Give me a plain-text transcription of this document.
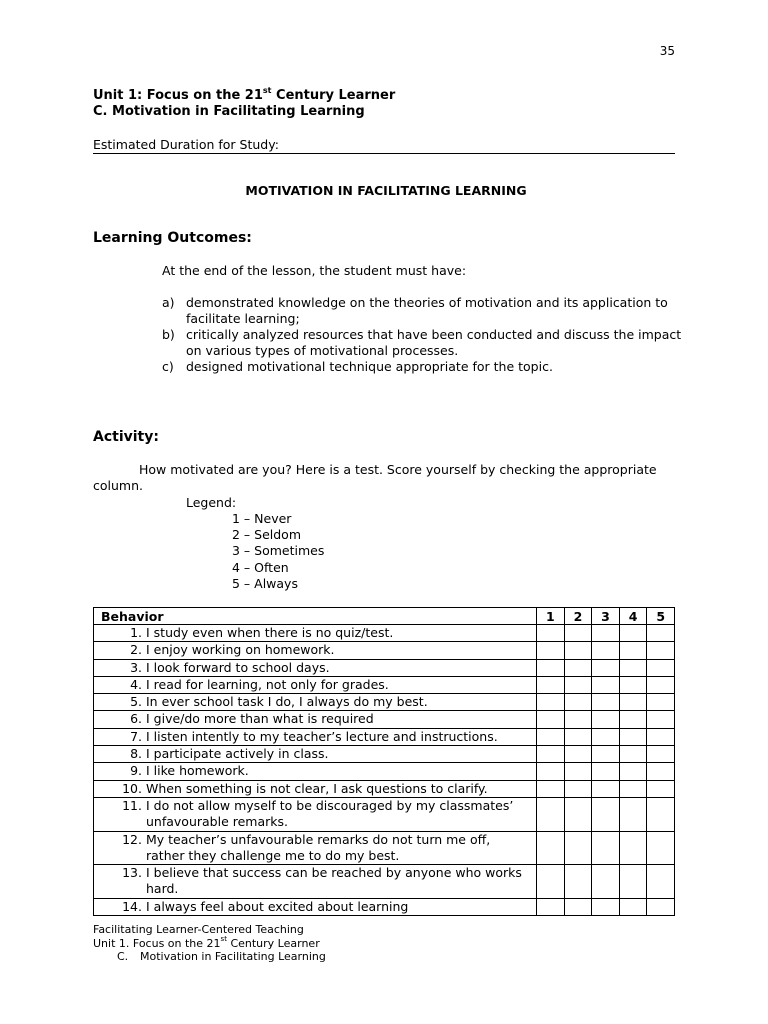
35
Unit 1: Focus on the 21st Century Learner
C. Motivation in Facilitating Learning
Estimated Duration for Study:
MOTIVATION IN FACILITATING LEARNING
Learning Outcomes:
At the end of the lesson, the student must have:
a) demonstrated knowledge on the theories of motivation and its application to facilitate learning;
b) critically analyzed resources that have been conducted and discuss the impact on various types of motivational processes.
c) designed motivational technique appropriate for the topic.
Activity:
How motivated are you? Here is a test. Score yourself by checking the appropriate column.
Legend:
1 – Never
2 – Seldom
3 – Sometimes
4 – Often
5 – Always
Behavior	1	2	3	4	5

1. I study even when there is no quiz/test.					

2. I enjoy working on homework.					

3. I look forward to school days.					

4. I read for learning, not only for grades.					

5. In ever school task I do, I always do my best.					

6. I give/do more than what is required					

7. I listen intently to my teacher’s lecture and instructions.					

8. I participate actively in class.					

9. I like homework.					

10. When something is not clear, I ask questions to clarify.					

11. I do not allow myself to be discouraged by my classmates’ unfavourable remarks.					

12. My teacher’s unfavourable remarks do not turn me off, rather they challenge me to do my best.					

13. I believe that success can be reached by anyone who works hard.					

14. I always feel about excited about learning					

Facilitating Learner-Centered Teaching
Unit 1. Focus on the 21st Century Learner
C. Motivation in Facilitating Learning
